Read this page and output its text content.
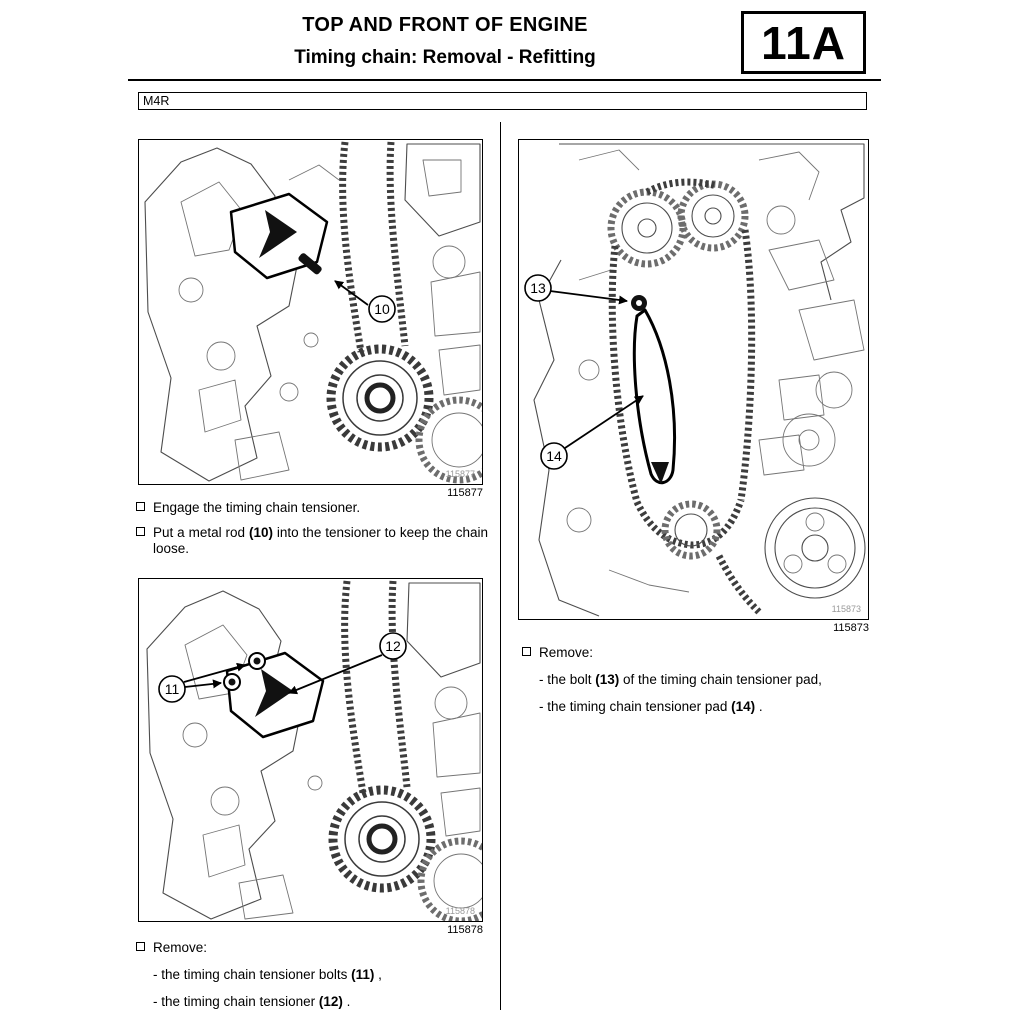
TOP AND FRONT OF ENGINE
Timing chain: Removal - Refitting	11A
M4R
10
115877
115877
Engage the timing chain tensioner.
Put a metal rod (10) into the tensioner to keep the chain loose.
11
12
115878
115878
Remove:
- the timing chain tensioner bolts (11) ,
- the timing chain tensioner (12) .
13
14
115873
115873
Remove:
- the bolt (13) of the timing chain tensioner pad,
- the timing chain tensioner pad (14) .
